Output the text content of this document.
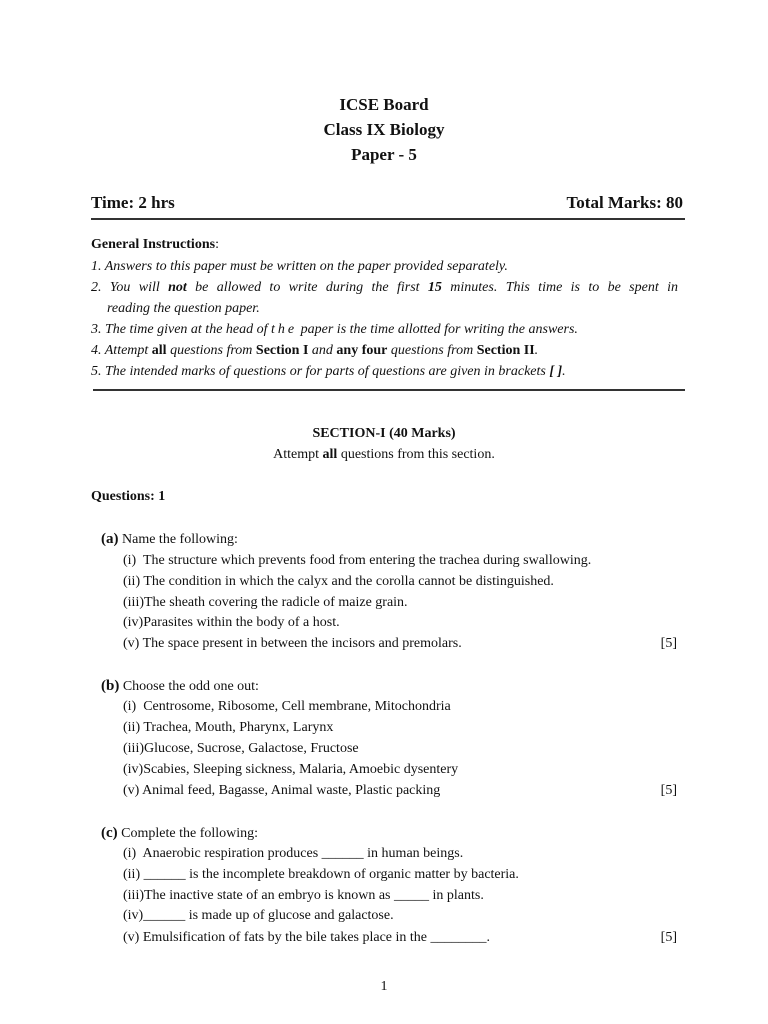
ICSE Board
Class IX Biology
Paper - 5
Time: 2 hrs	Total Marks: 80
General Instructions:
1. Answers to this paper must be written on the paper provided separately.
2. You will not be allowed to write during the first 15 minutes. This time is to be spent in
reading the question paper.
3. The time given at the head of the paper is the time allotted for writing the answers.
4. Attempt all questions from Section I and any four questions from Section II.
5. The intended marks of questions or for parts of questions are given in brackets [ ].
SECTION-I (40 Marks)
Attempt all questions from this section.
Questions: 1
(a) Name the following:
(i) The structure which prevents food from entering the trachea during swallowing.
(ii) The condition in which the calyx and the corolla cannot be distinguished.
(iii)The sheath covering the radicle of maize grain.
(iv)Parasites within the body of a host.
(v) The space present in between the incisors and premolars.	[5]
(b) Choose the odd one out:
(i) Centrosome, Ribosome, Cell membrane, Mitochondria
(ii) Trachea, Mouth, Pharynx, Larynx
(iii)Glucose, Sucrose, Galactose, Fructose
(iv)Scabies, Sleeping sickness, Malaria, Amoebic dysentery
(v) Animal feed, Bagasse, Animal waste, Plastic packing	[5]
(c) Complete the following:
(i) Anaerobic respiration produces ______ in human beings.
(ii) ______ is the incomplete breakdown of organic matter by bacteria.
(iii)The inactive state of an embryo is known as _____ in plants.
(iv)______ is made up of glucose and galactose.
(v) Emulsification of fats by the bile takes place in the ________.	[5]
1
